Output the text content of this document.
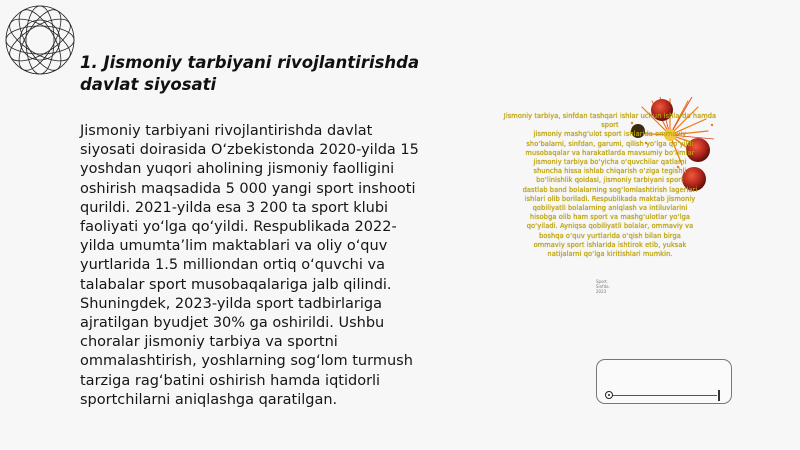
1. Jismoniy tarbiyani rivojlantirishda davlat siyosati
Jismoniy tarbiyani rivojlantirishda davlat siyosati doirasida O‘zbekistonda 2020-yilda 15 yoshdan yuqori aholining jismoniy faolligini oshirish maqsadida 5 000 yangi sport inshooti qurildi. 2021-yilda esa 3 200 ta sport klubi faoliyati yo‘lga qo‘yildi. Respublikada 2022-yilda umumta’lim maktablari va oliy o‘quv yurtlarida 1.5 milliondan ortiq o‘quvchi va talabalar sport musobaqalariga jalb qilindi. Shuningdek, 2023-yilda sport tadbirlariga ajratilgan byudjet 30% ga oshirildi. Ushbu choralar jismoniy tarbiya va sportni ommalashtirish, yoshlarning sog‘lom turmush tarziga rag‘batini oshirish hamda iqtidorli sportchilarni aniqlashga qaratilgan.
Jismoniy tarbiya, sinfdan tashqari ishlar uchun ishlarda hamda sport
jismoniy mashg‘ulot sport ishlarida ommaviy
sho‘balarni, sinfdan, garumi, qilish yo‘lga qo‘yildi
musobaqalar va harakatlarda mavsumiy bo‘limlar
jismoniy tarbiya bo‘yicha o‘quvchilar qatlami
shuncha hissa ishlab chiqarish o‘ziga tegishli
bo‘linishlik qoidasi, jismoniy tarbiyani sport
dastlab band bolalarning sog‘lomlashtirish lagerlari
ishlari olib boriladi. Respublikada maktab jismoniy
qobiliyatli bolalarning aniqlash va intiluvlarini
hisobga olib ham sport va mashg‘ulotlar yo‘lga
qo‘yiladi. Ayniqsa qobiliyatli bolalar, ommaviy va
boshqa o‘quv yurtlarida o‘qish bilan birga
ommaviy sport ishlarida ishtirok etib, yuksak
natijalarni qo‘lga kiritishlari mumkin.
Sport. Sinfda. 2023
